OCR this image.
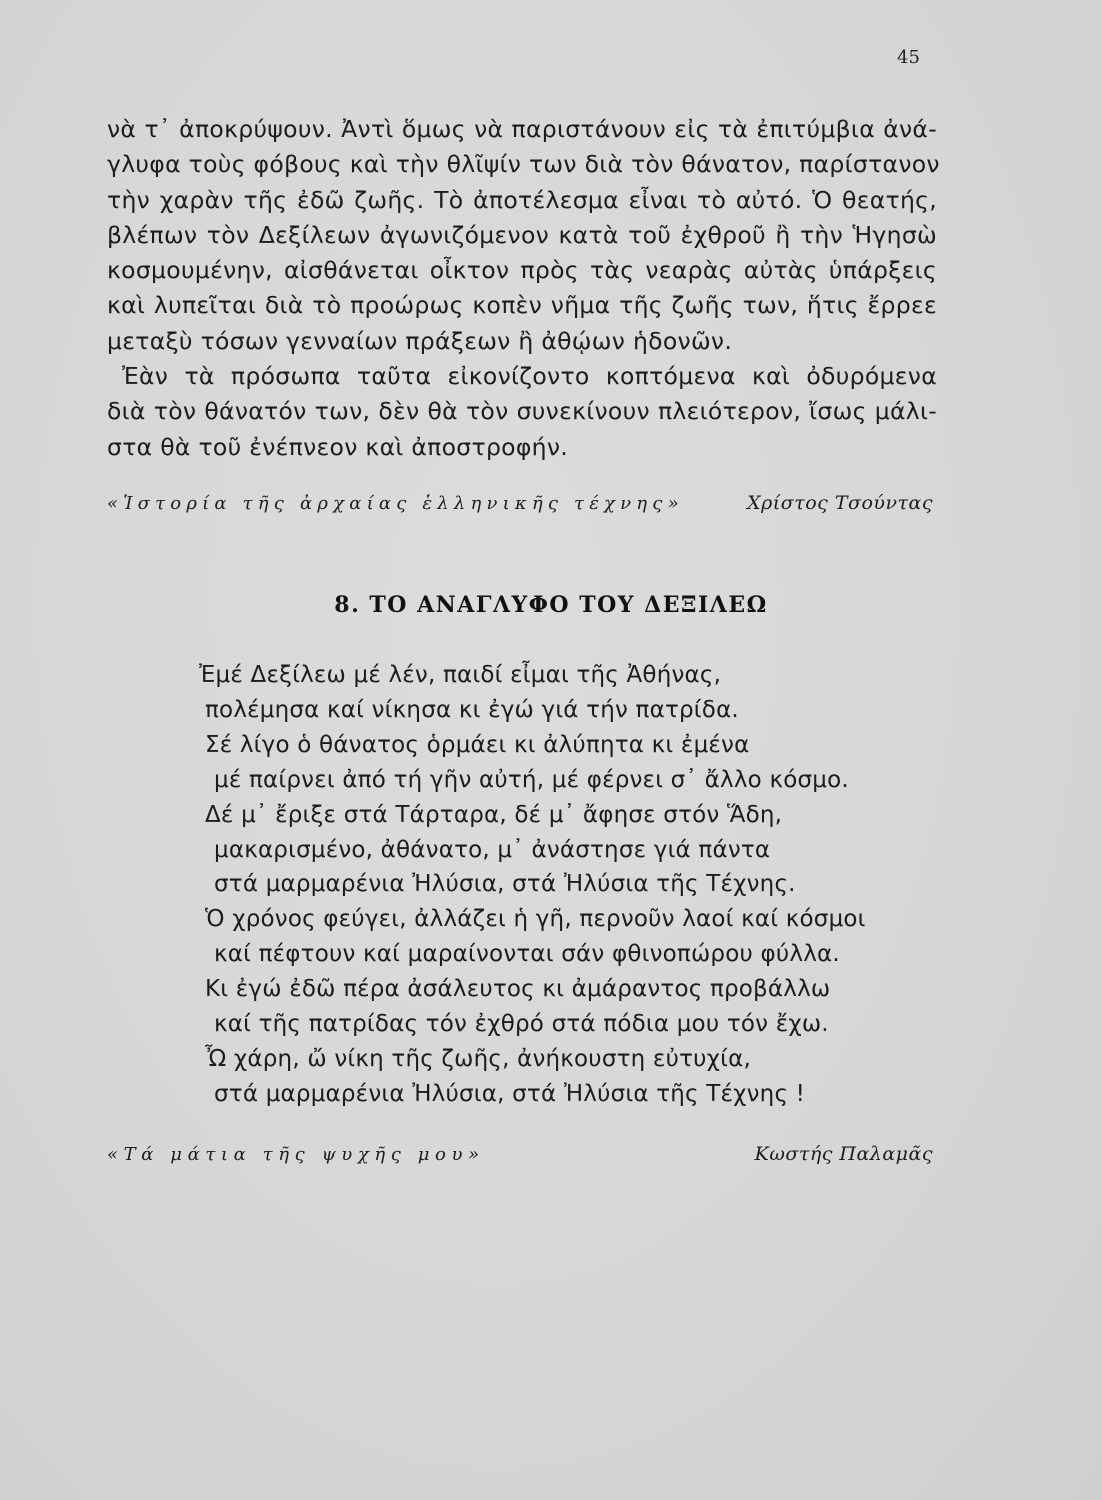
45

νὰ τ᾽ ἀποκρύψουν. Ἀντὶ ὅμως νὰ παριστάνουν εἰς τὰ ἐπιτύμβια ἀνά-
γλυφα τοὺς φόβους καὶ τὴν θλῖψίν των διὰ τὸν θάνατον, παρίστανον
τὴν χαρὰν τῆς ἐδῶ ζωῆς. Τὸ ἀποτέλεσμα εἶναι τὸ αὐτό. Ὁ θεατής,
βλέπων τὸν Δεξίλεων ἀγωνιζόμενον κατὰ τοῦ ἐχθροῦ ἢ τὴν Ἡγησὼ
κοσμουμένην, αἰσθάνεται οἶκτον πρὸς τὰς νεαρὰς αὐτὰς ὑπάρξεις
καὶ λυπεῖται διὰ τὸ προώρως κοπὲν νῆμα τῆς ζωῆς των, ἥτις ἔρρεε
μεταξὺ τόσων γενναίων πράξεων ἢ ἀθῴων ἡδονῶν.

Ἐὰν τὰ πρόσωπα ταῦτα εἰκονίζοντο κοπτόμενα καὶ ὀδυρόμενα
διὰ τὸν θάνατόν των, δὲν θὰ τὸν συνεκίνουν πλειότερον, ἴσως μάλι-
στα θὰ τοῦ ἐνέπνεον καὶ ἀποστροφήν.

«Ἱστορία τῆς ἀρχαίας ἑλληνικῆς τέχνης»	Χρίστος Τσούντας
8. ΤΟ ΑΝΑΓΛΥΦΟ ΤΟΥ ΔΕΞΙΛΕΩ
Ἐμέ Δεξίλεω μέ λέν, παιδί εἶμαι τῆς Ἀθήνας,
πολέμησα καί νίκησα κι ἐγώ γιά τήν πατρίδα.
Σέ λίγο ὁ θάνατος ὁρμάει κι ἀλύπητα κι ἐμένα
μέ παίρνει ἀπό τή γῆν αὐτή, μέ φέρνει σ᾽ ἄλλο κόσμο.
Δέ μ᾽ ἔριξε στά Τάρταρα, δέ μ᾽ ἄφησε στόν Ἅδη,
μακαρισμένο, ἀθάνατο, μ᾽ ἀνάστησε γιά πάντα
στά μαρμαρένια Ἠλύσια, στά Ἠλύσια τῆς Τέχνης.
Ὁ χρόνος φεύγει, ἀλλάζει ἡ γῆ, περνοῦν λαοί καί κόσμοι
καί πέφτουν καί μαραίνονται σάν φθινοπώρου φύλλα.
Κι ἐγώ ἐδῶ πέρα ἀσάλευτος κι ἀμάραντος προβάλλω
καί τῆς πατρίδας τόν ἐχθρό στά πόδια μου τόν ἔχω.
Ὦ χάρη, ὤ νίκη τῆς ζωῆς, ἀνήκουστη εὐτυχία,
στά μαρμαρένια Ἠλύσια, στά Ἠλύσια τῆς Τέχνης !
«Τά μάτια τῆς ψυχῆς μου»	Κωστής Παλαμᾶς
